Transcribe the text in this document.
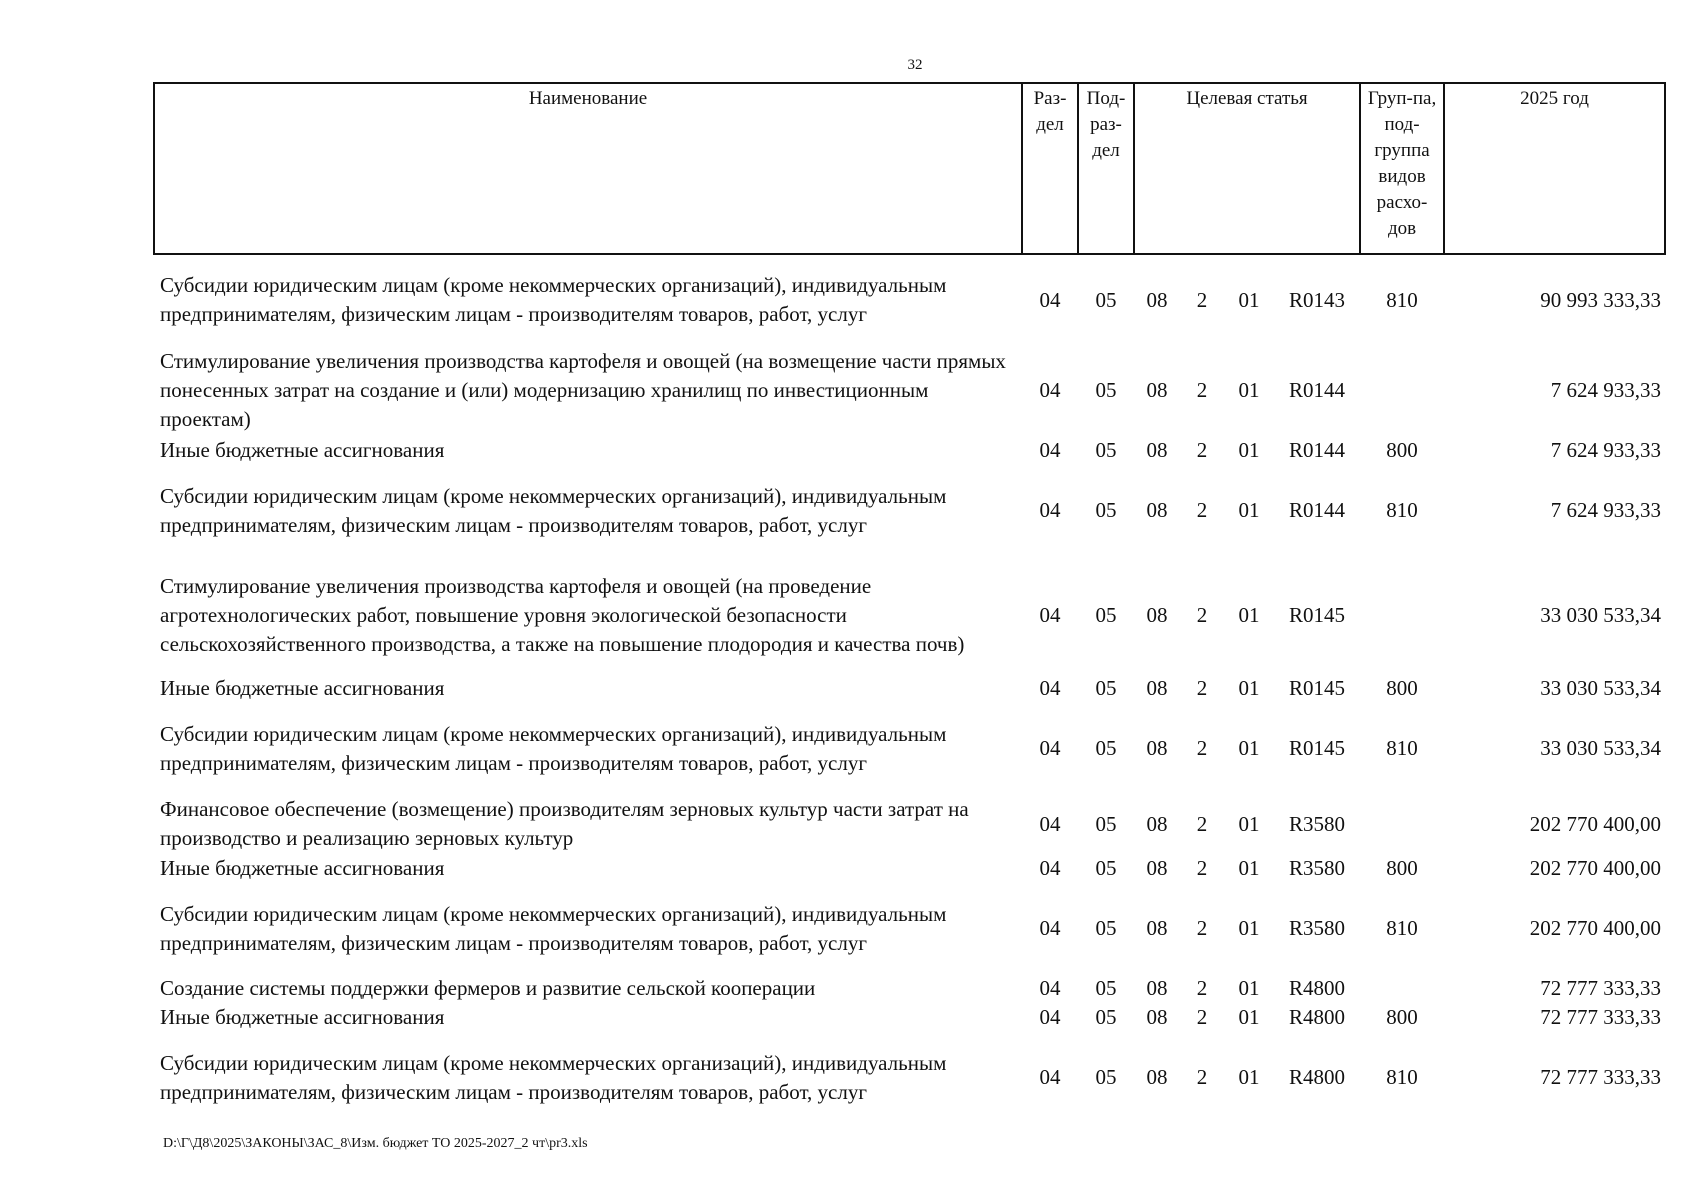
32
Наименование	Раз-дел	Под-раз-дел	Целевая статья				Груп-па, под-группа видов расхо-дов	2025 год
Субсидии юридическим лицам (кроме некоммерческих организаций), индивидуальным предпринимателям, физическим лицам - производителям товаров, работ, услуг	04	05	08	2	01	R0143	810	90 993 333,33
Стимулирование увеличения производства картофеля и овощей (на возмещение части прямых понесенных затрат на создание и (или) модернизацию хранилищ по инвестиционным проектам)	04	05	08	2	01	R0144		7 624 933,33
Иные бюджетные ассигнования	04	05	08	2	01	R0144	800	7 624 933,33
Субсидии юридическим лицам (кроме некоммерческих организаций), индивидуальным предпринимателям, физическим лицам - производителям товаров, работ, услуг	04	05	08	2	01	R0144	810	7 624 933,33
Стимулирование увеличения производства картофеля и овощей (на проведение агротехнологических работ, повышение уровня экологической безопасности сельскохозяйственного производства, а также на повышение плодородия и качества почв)	04	05	08	2	01	R0145		33 030 533,34
Иные бюджетные ассигнования	04	05	08	2	01	R0145	800	33 030 533,34
Субсидии юридическим лицам (кроме некоммерческих организаций), индивидуальным предпринимателям, физическим лицам - производителям товаров, работ, услуг	04	05	08	2	01	R0145	810	33 030 533,34
Финансовое обеспечение (возмещение) производителям зерновых культур части затрат на производство и реализацию зерновых культур	04	05	08	2	01	R3580		202 770 400,00
Иные бюджетные ассигнования	04	05	08	2	01	R3580	800	202 770 400,00
Субсидии юридическим лицам (кроме некоммерческих организаций), индивидуальным предпринимателям, физическим лицам - производителям товаров, работ, услуг	04	05	08	2	01	R3580	810	202 770 400,00
Создание системы поддержки фермеров и развитие сельской кооперации	04	05	08	2	01	R4800		72 777 333,33
Иные бюджетные ассигнования	04	05	08	2	01	R4800	800	72 777 333,33
Субсидии юридическим лицам (кроме некоммерческих организаций), индивидуальным предпринимателям, физическим лицам - производителям товаров, работ, услуг	04	05	08	2	01	R4800	810	72 777 333,33
D:\Г\Д8\2025\ЗАКОНЫ\ЗАС_8\Изм. бюджет ТО 2025-2027_2 чт\pr3.xls
